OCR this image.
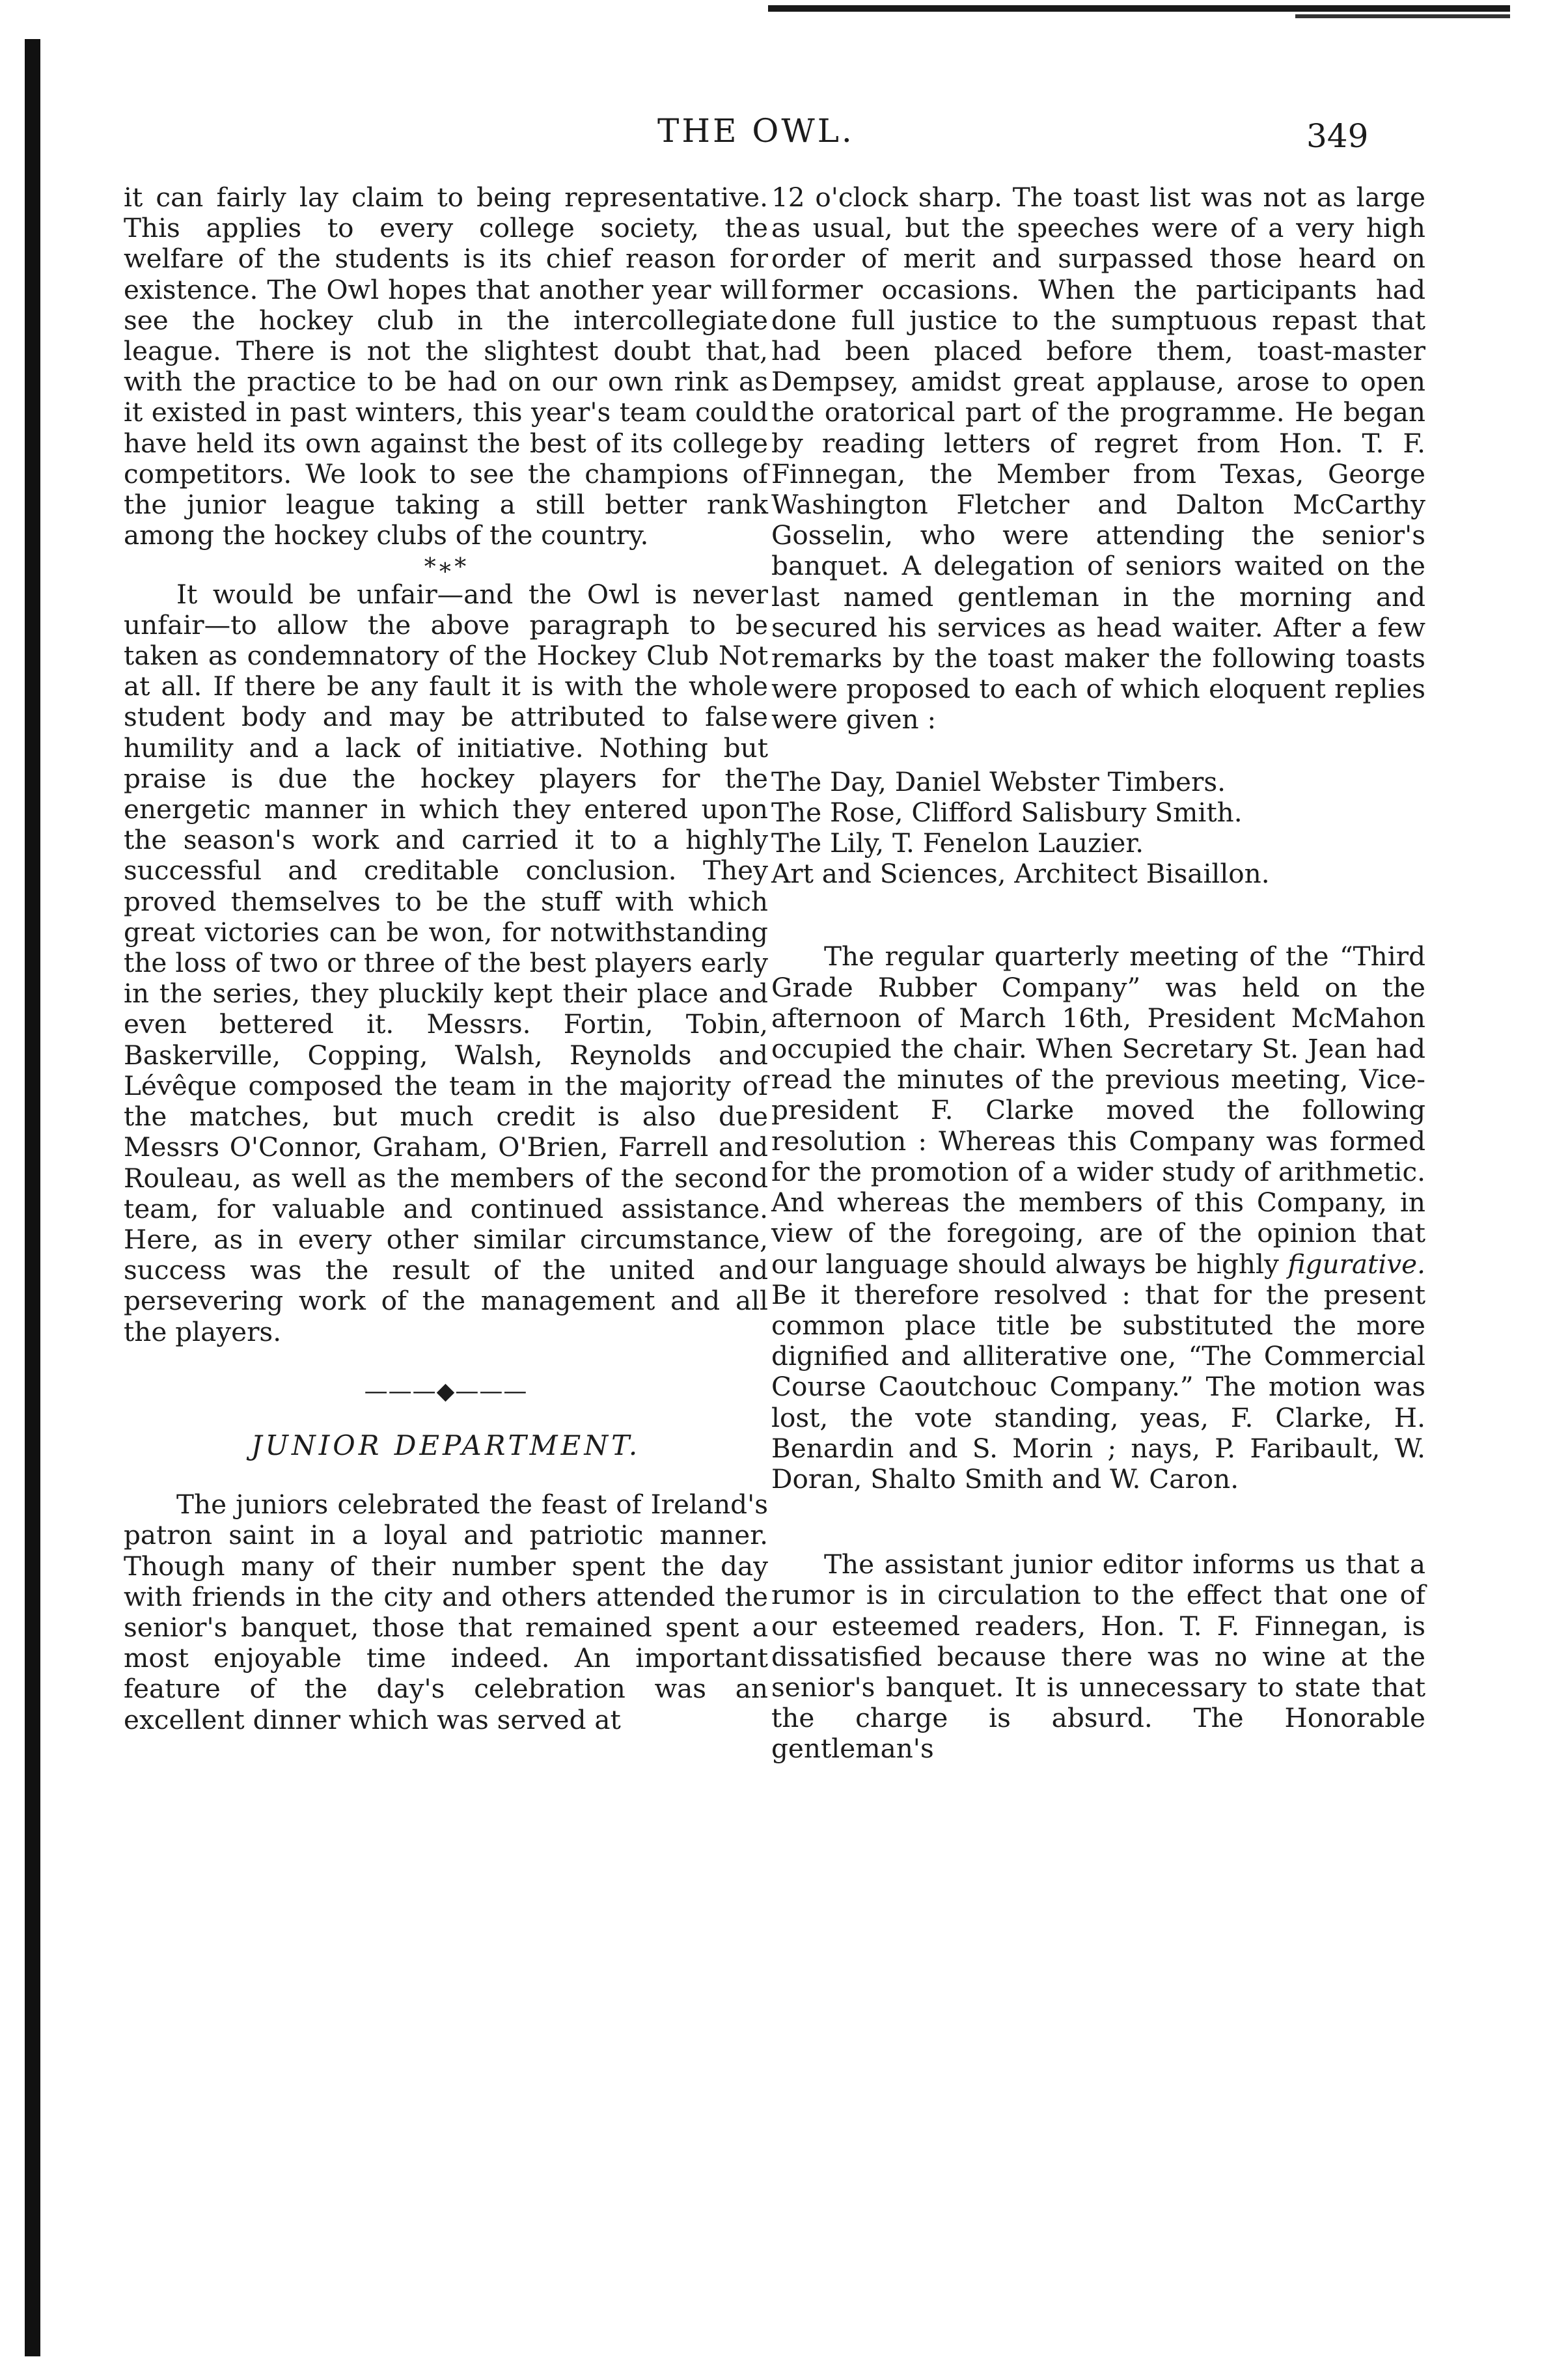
THE OWL.	349

it can fairly lay claim to being representative. This applies to every college society, the welfare of the students is its chief reason for existence. The Owl hopes that another year will see the hockey club in the intercollegiate league. There is not the slightest doubt that, with the practice to be had on our own rink as it existed in past winters, this year's team could have held its own against the best of its college competitors. We look to see the champions of the junior league taking a still better rank among the hockey clubs of the country.

*∗*

It would be unfair—and the Owl is never unfair—to allow the above paragraph to be taken as condemnatory of the Hockey Club Not at all. If there be any fault it is with the whole student body and may be attributed to false humility and a lack of initiative. Nothing but praise is due the hockey players for the energetic manner in which they entered upon the season's work and carried it to a highly successful and creditable conclusion. They proved themselves to be the stuff with which great victories can be won, for notwithstanding the loss of two or three of the best players early in the series, they pluckily kept their place and even bettered it. Messrs. Fortin, Tobin, Baskerville, Copping, Walsh, Reynolds and Lévêque composed the team in the majority of the matches, but much credit is also due Messrs O'Connor, Graham, O'Brien, Farrell and Rouleau, as well as the members of the second team, for valuable and continued assistance. Here, as in every other similar circumstance, success was the result of the united and persevering work of the management and all the players.

———◆———
JUNIOR DEPARTMENT.

The juniors celebrated the feast of Ireland's patron saint in a loyal and patriotic manner. Though many of their number spent the day with friends in the city and others attended the senior's banquet, those that remained spent a most enjoyable time indeed. An important feature of the day's celebration was an excellent dinner which was served at

12 o'clock sharp. The toast list was not as large as usual, but the speeches were of a very high order of merit and surpassed those heard on former occasions. When the participants had done full justice to the sumptuous repast that had been placed before them, toast-master Dempsey, amidst great applause, arose to open the oratorical part of the programme. He began by reading letters of regret from Hon. T. F. Finnegan, the Member from Texas, George Washington Fletcher and Dalton McCarthy Gosselin, who were attending the senior's banquet. A delegation of seniors waited on the last named gentleman in the morning and secured his services as head waiter. After a few remarks by the toast maker the following toasts were proposed to each of which eloquent replies were given :

The Day, Daniel Webster Timbers.
The Rose, Clifford Salisbury Smith.
The Lily, T. Fenelon Lauzier.
Art and Sciences, Architect Bisaillon.

The regular quarterly meeting of the “Third Grade Rubber Company” was held on the afternoon of March 16th, President McMahon occupied the chair. When Secretary St. Jean had read the minutes of the previous meeting, Vice-president F. Clarke moved the following resolution : Whereas this Company was formed for the promotion of a wider study of arithmetic. And whereas the members of this Company, in view of the foregoing, are of the opinion that our language should always be highly figurative. Be it therefore resolved : that for the present common place title be substituted the more dignified and alliterative one, “The Commercial Course Caoutchouc Company.” The motion was lost, the vote standing, yeas, F. Clarke, H. Benardin and S. Morin ; nays, P. Faribault, W. Doran, Shalto Smith and W. Caron.

The assistant junior editor informs us that a rumor is in circulation to the effect that one of our esteemed readers, Hon. T. F. Finnegan, is dissatisfied because there was no wine at the senior's banquet. It is unnecessary to state that the charge is absurd. The Honorable gentleman's
